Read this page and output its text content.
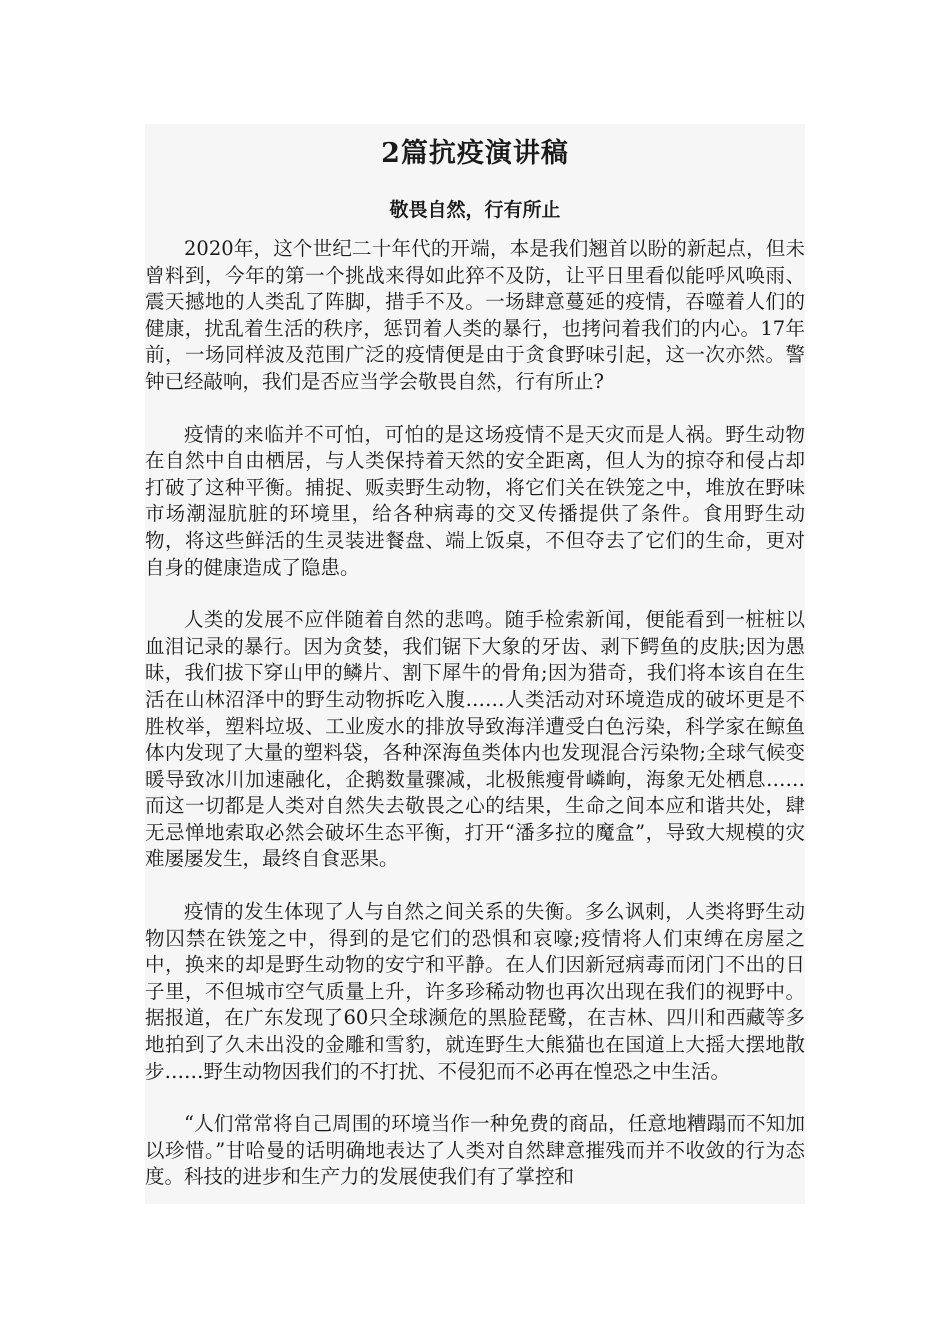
2篇抗疫演讲稿
敬畏自然，行有所止

2020年，这个世纪二十年代的开端，本是我们翘首以盼的新起点，但未曾料到，今年的第一个挑战来得如此猝不及防，让平日里看似能呼风唤雨、震天撼地的人类乱了阵脚，措手不及。一场肆意蔓延的疫情，吞噬着人们的健康，扰乱着生活的秩序，惩罚着人类的暴行，也拷问着我们的内心。17年前，一场同样波及范围广泛的疫情便是由于贪食野味引起，这一次亦然。警钟已经敲响，我们是否应当学会敬畏自然，行有所止?

疫情的来临并不可怕，可怕的是这场疫情不是天灾而是人祸。野生动物在自然中自由栖居，与人类保持着天然的安全距离，但人为的掠夺和侵占却打破了这种平衡。捕捉、贩卖野生动物，将它们关在铁笼之中，堆放在野味市场潮湿肮脏的环境里，给各种病毒的交叉传播提供了条件。食用野生动物，将这些鲜活的生灵装进餐盘、端上饭桌，不但夺去了它们的生命，更对自身的健康造成了隐患。

人类的发展不应伴随着自然的悲鸣。随手检索新闻，便能看到一桩桩以血泪记录的暴行。因为贪婪，我们锯下大象的牙齿、剥下鳄鱼的皮肤;因为愚昧，我们拔下穿山甲的鳞片、割下犀牛的骨角;因为猎奇，我们将本该自在生活在山林沼泽中的野生动物拆吃入腹……人类活动对环境造成的破坏更是不胜枚举，塑料垃圾、工业废水的排放导致海洋遭受白色污染，科学家在鲸鱼体内发现了大量的塑料袋，各种深海鱼类体内也发现混合污染物;全球气候变暖导致冰川加速融化，企鹅数量骤减，北极熊瘦骨嶙峋，海象无处栖息……而这一切都是人类对自然失去敬畏之心的结果，生命之间本应和谐共处，肆无忌惮地索取必然会破坏生态平衡，打开“潘多拉的魔盒”，导致大规模的灾难屡屡发生，最终自食恶果。

疫情的发生体现了人与自然之间关系的失衡。多么讽刺，人类将野生动物囚禁在铁笼之中，得到的是它们的恐惧和哀嚎;疫情将人们束缚在房屋之中，换来的却是野生动物的安宁和平静。在人们因新冠病毒而闭门不出的日子里，不但城市空气质量上升，许多珍稀动物也再次出现在我们的视野中。据报道，在广东发现了60只全球濒危的黑脸琵鹭，在吉林、四川和西藏等多地拍到了久未出没的金雕和雪豹，就连野生大熊猫也在国道上大摇大摆地散步……野生动物因我们的不打扰、不侵犯而不必再在惶恐之中生活。

“人们常常将自己周围的环境当作一种免费的商品，任意地糟蹋而不知加以珍惜。”甘哈曼的话明确地表达了人类对自然肆意摧残而并不收敛的行为态度。科技的进步和生产力的发展使我们有了掌控和
